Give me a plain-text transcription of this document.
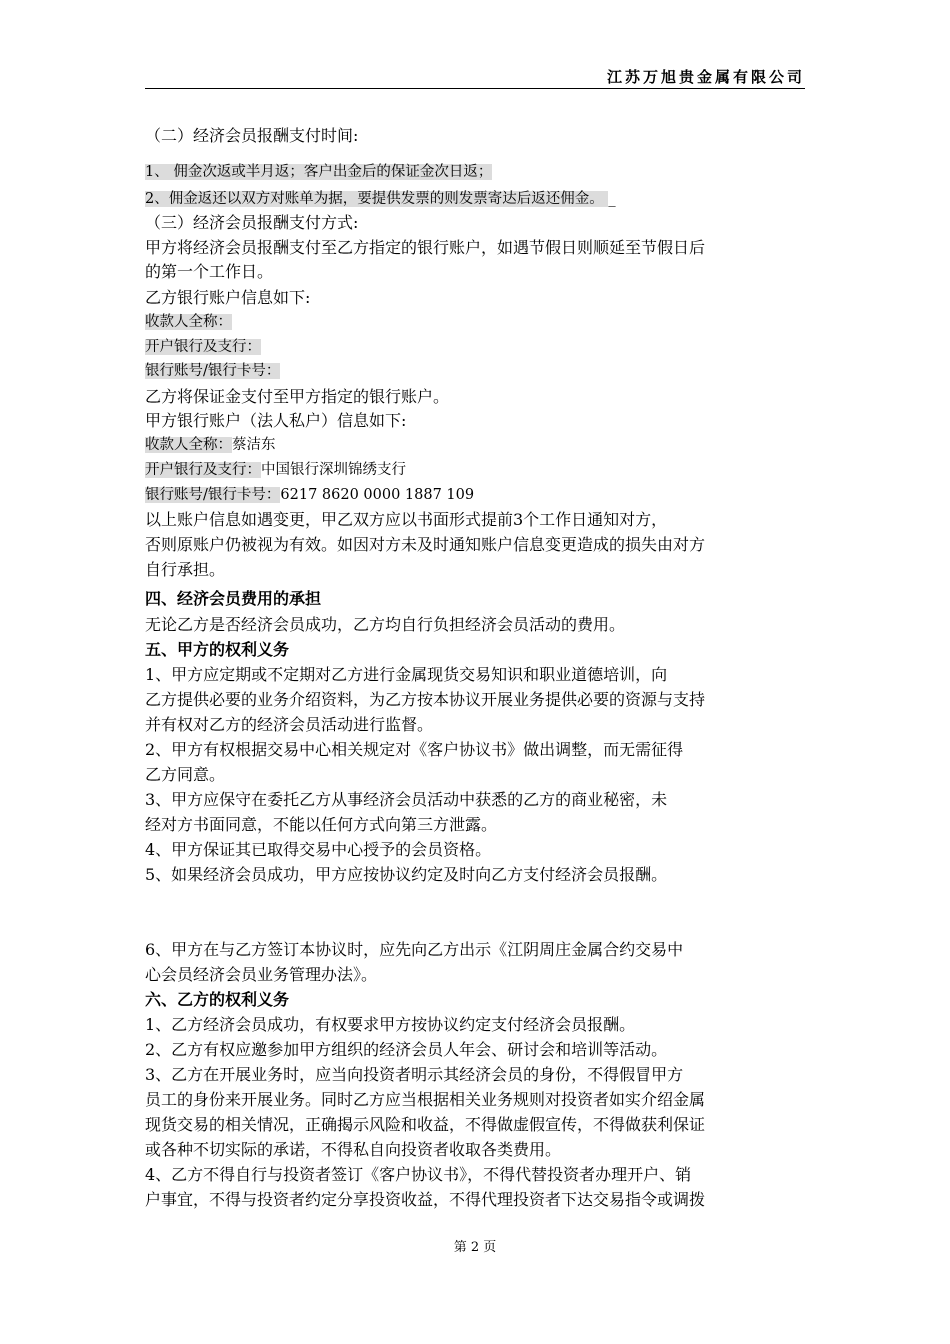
江苏万旭贵金属有限公司
（二）经济会员报酬支付时间:
1、 佣金次返或半月返；客户出金后的保证金次日返；
2、佣金返还以双方对账单为据，要提供发票的则发票寄达后返还佣金。 _
（三）经济会员报酬支付方式:
甲方将经济会员报酬支付至乙方指定的银行账户，如遇节假日则顺延至节假日后
的第一个工作日。
乙方银行账户信息如下:
收款人全称：
开户银行及支行：
银行账号/银行卡号：
乙方将保证金支付至甲方指定的银行账户。
甲方银行账户（法人私户）信息如下:
收款人全称：蔡洁东
开户银行及支行：中国银行深圳锦绣支行
银行账号/银行卡号：6217 8620 0000 1887 109
以上账户信息如遇变更，甲乙双方应以书面形式提前3个工作日通知对方，
否则原账户仍被视为有效。如因对方未及时通知账户信息变更造成的损失由对方
自行承担。
四、经济会员费用的承担
无论乙方是否经济会员成功，乙方均自行负担经济会员活动的费用。
五、甲方的权利义务
1、甲方应定期或不定期对乙方进行金属现货交易知识和职业道德培训，向
乙方提供必要的业务介绍资料，为乙方按本协议开展业务提供必要的资源与支持
并有权对乙方的经济会员活动进行监督。
2、甲方有权根据交易中心相关规定对《客户协议书》做出调整，而无需征得
乙方同意。
3、甲方应保守在委托乙方从事经济会员活动中获悉的乙方的商业秘密，未
经对方书面同意，不能以任何方式向第三方泄露。
4、甲方保证其已取得交易中心授予的会员资格。
5、如果经济会员成功，甲方应按协议约定及时向乙方支付经济会员报酬。
6、甲方在与乙方签订本协议时，应先向乙方出示《江阴周庄金属合约交易中
心会员经济会员业务管理办法》。
六、乙方的权利义务
1、乙方经济会员成功，有权要求甲方按协议约定支付经济会员报酬。
2、乙方有权应邀参加甲方组织的经济会员人年会、研讨会和培训等活动。
3、乙方在开展业务时，应当向投资者明示其经济会员的身份，不得假冒甲方
员工的身份来开展业务。同时乙方应当根据相关业务规则对投资者如实介绍金属
现货交易的相关情况，正确揭示风险和收益，不得做虚假宣传，不得做获利保证
或各种不切实际的承诺，不得私自向投资者收取各类费用。
4、乙方不得自行与投资者签订《客户协议书》，不得代替投资者办理开户、销
户事宜，不得与投资者约定分享投资收益，不得代理投资者下达交易指令或调拨
第 2 页
